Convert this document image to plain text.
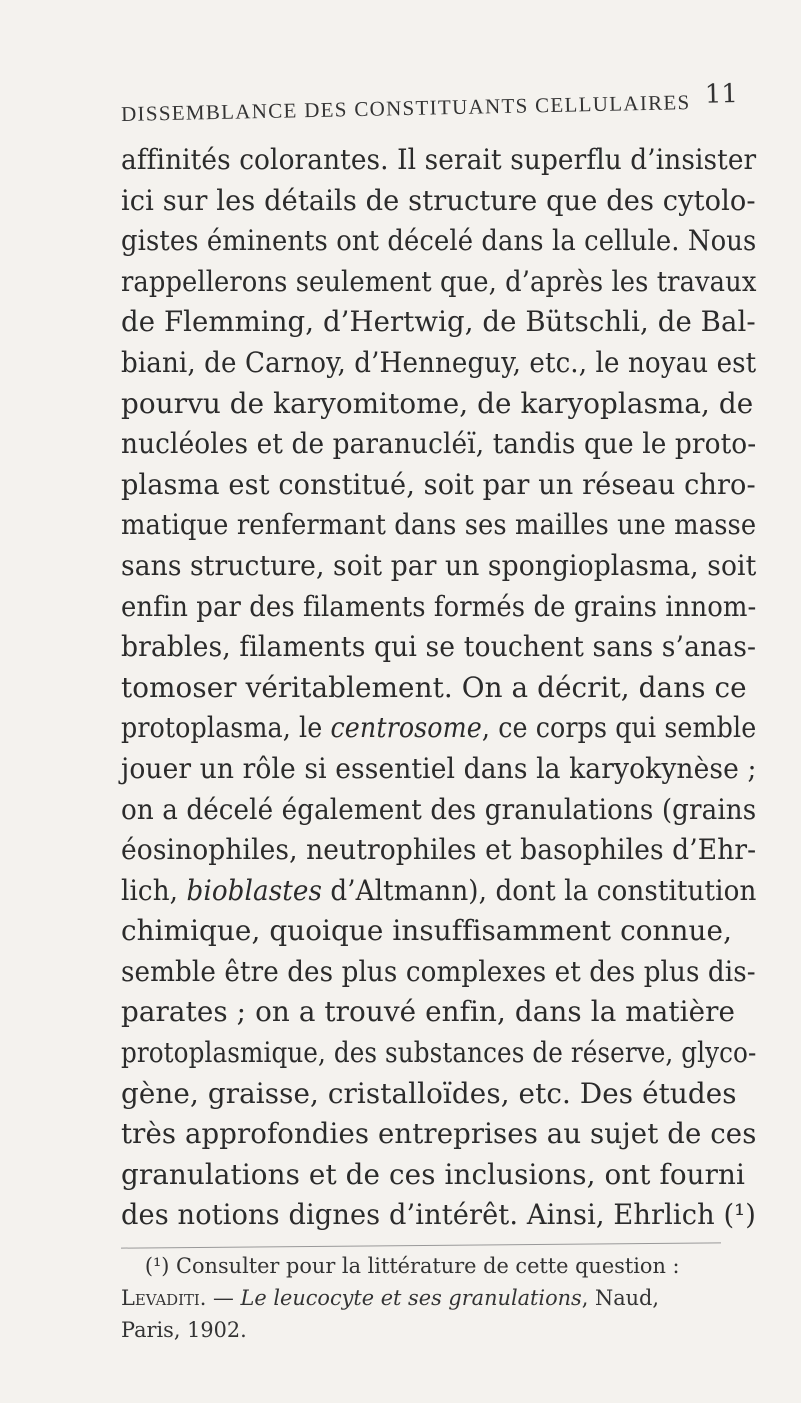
DISSEMBLANCE DES CONSTITUANTS CELLULAIRES 11
affinités colorantes. Il serait superflu d’insister
ici sur les détails de structure que des cytolo-
gistes éminents ont décelé dans la cellule. Nous
rappellerons seulement que, d’après les travaux
de Flemming, d’Hertwig, de Bütschli, de Bal-
biani, de Carnoy, d’Henneguy, etc., le noyau est
pourvu de karyomitome, de karyoplasma, de
nucléoles et de paranucléï, tandis que le proto-
plasma est constitué, soit par un réseau chro-
matique renfermant dans ses mailles une masse
sans structure, soit par un spongioplasma, soit
enfin par des filaments formés de grains innom-
brables, filaments qui se touchent sans s’anas-
tomoser véritablement. On a décrit, dans ce
protoplasma, le centrosome, ce corps qui semble
jouer un rôle si essentiel dans la karyokynèse ;
on a décelé également des granulations (grains
éosinophiles, neutrophiles et basophiles d’Ehr-
lich, bioblastes d’Altmann), dont la constitution
chimique, quoique insuffisamment connue,
semble être des plus complexes et des plus dis-
parates ; on a trouvé enfin, dans la matière
protoplasmique, des substances de réserve, glyco-
gène, graisse, cristalloïdes, etc. Des études
très approfondies entreprises au sujet de ces
granulations et de ces inclusions, ont fourni
des notions dignes d’intérêt. Ainsi, Ehrlich (¹)
(¹) Consulter pour la littérature de cette question :
Levaditi. — Le leucocyte et ses granulations, Naud,
Paris, 1902.
